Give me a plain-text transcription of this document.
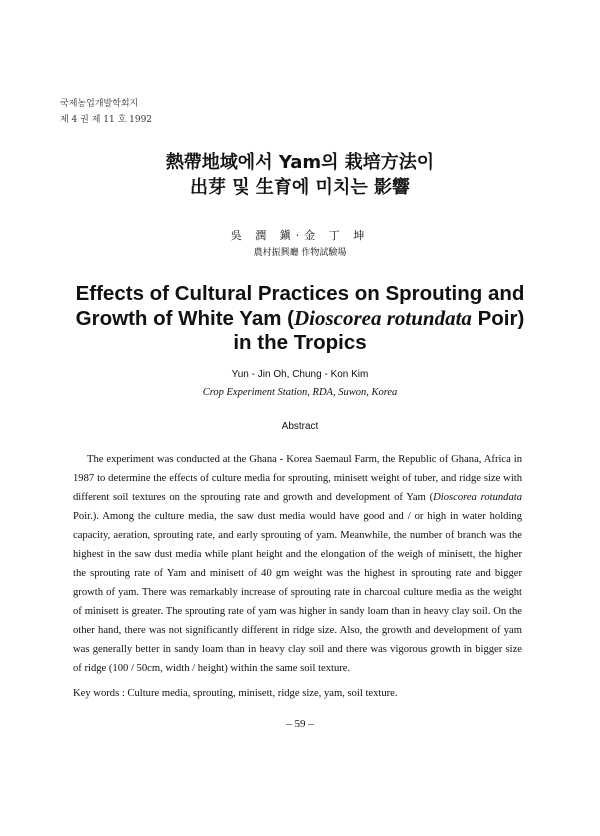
국제농업개발학회지
제 4 권 제 11 호 1992
熱帶地域에서 Yam의 栽培方法이
出芽 및 生育에 미치는 影響
吳 潤 鎭·金 丁 坤
農村振興廳 作物試驗場
Effects of Cultural Practices on Sprouting and
Growth of White Yam (Dioscorea rotundata Poir)
in the Tropics
Yun - Jin Oh, Chung - Kon Kim
Crop Experiment Station, RDA, Suwon, Korea
Abstract

The experiment was conducted at the Ghana - Korea Saemaul Farm, the Republic of Ghana, Africa in 1987 to determine the effects of culture media for sprouting, minisett weight of tuber, and ridge size with different soil textures on the sprouting rate and growth and development of Yam (Dioscorea rotundata Poir.). Among the culture media, the saw dust media would have good and / or high in water holding capacity, aeration, sprouting rate, and early sprouting of yam. Meanwhile, the number of branch was the highest in the saw dust media while plant height and the elongation of the weigh of minisett, the higher the sprouting rate of Yam and minisett of 40 gm weight was the highest in sprouting rate and bigger growth of yam. There was remarkably increase of sprouting rate in charcoal culture media as the weight of minisett is greater. The sprouting rate of yam was higher in sandy loam than in heavy clay soil. On the other hand, there was not significantly different in ridge size. Also, the growth and development of yam was generally better in sandy loam than in heavy clay soil and there was vigorous growth in bigger size of ridge (100 / 50cm, width / height) within the same soil texture.

Key words : Culture media, sprouting, minisett, ridge size, yam, soil texture.
– 59 –
